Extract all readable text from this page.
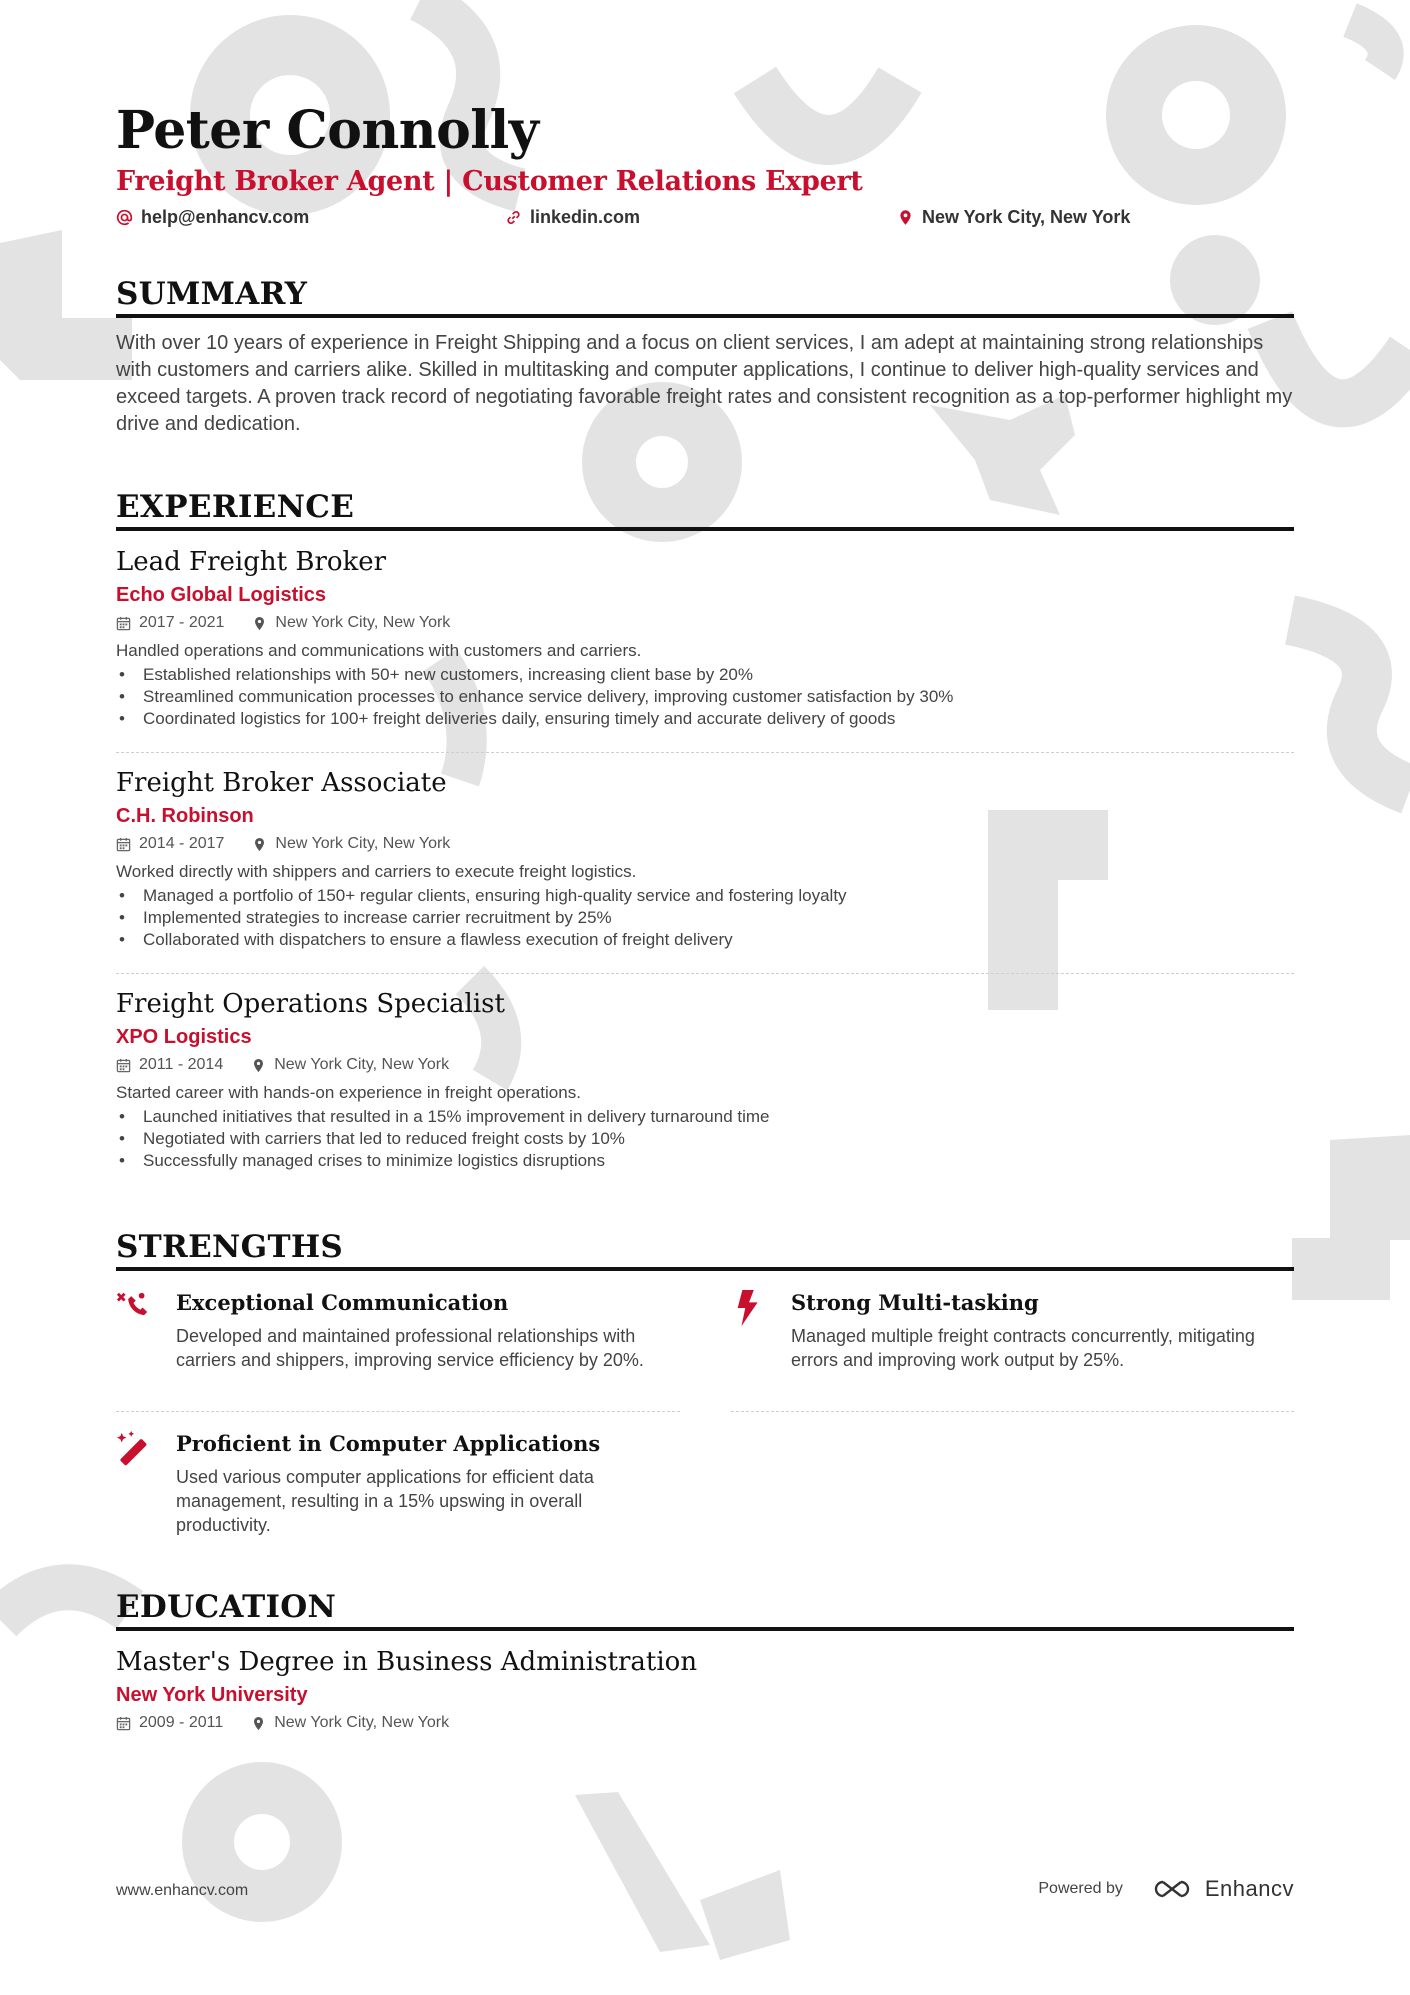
Peter Connolly
Freight Broker Agent | Customer Relations Expert
help@enhancv.com	linkedin.com	New York City, New York
SUMMARY
With over 10 years of experience in Freight Shipping and a focus on client services, I am adept at maintaining strong relationships with customers and carriers alike. Skilled in multitasking and computer applications, I continue to deliver high-quality services and exceed targets. A proven track record of negotiating favorable freight rates and consistent recognition as a top-performer highlight my drive and dedication.
EXPERIENCE
Lead Freight Broker
Echo Global Logistics
2017 - 2021	New York City, New York
Handled operations and communications with customers and carriers.
• Established relationships with 50+ new customers, increasing client base by 20%
• Streamlined communication processes to enhance service delivery, improving customer satisfaction by 30%
• Coordinated logistics for 100+ freight deliveries daily, ensuring timely and accurate delivery of goods
Freight Broker Associate
C.H. Robinson
2014 - 2017	New York City, New York
Worked directly with shippers and carriers to execute freight logistics.
• Managed a portfolio of 150+ regular clients, ensuring high-quality service and fostering loyalty
• Implemented strategies to increase carrier recruitment by 25%
• Collaborated with dispatchers to ensure a flawless execution of freight delivery
Freight Operations Specialist
XPO Logistics
2011 - 2014	New York City, New York
Started career with hands-on experience in freight operations.
• Launched initiatives that resulted in a 15% improvement in delivery turnaround time
• Negotiated with carriers that led to reduced freight costs by 10%
• Successfully managed crises to minimize logistics disruptions
STRENGTHS
Exceptional Communication
Developed and maintained professional relationships with carriers and shippers, improving service efficiency by 20%.
Strong Multi-tasking
Managed multiple freight contracts concurrently, mitigating errors and improving work output by 25%.
Proficient in Computer Applications
Used various computer applications for efficient data management, resulting in a 15% upswing in overall productivity.
EDUCATION
Master's Degree in Business Administration
New York University
2009 - 2011	New York City, New York
www.enhancv.com	Powered by	Enhancv
